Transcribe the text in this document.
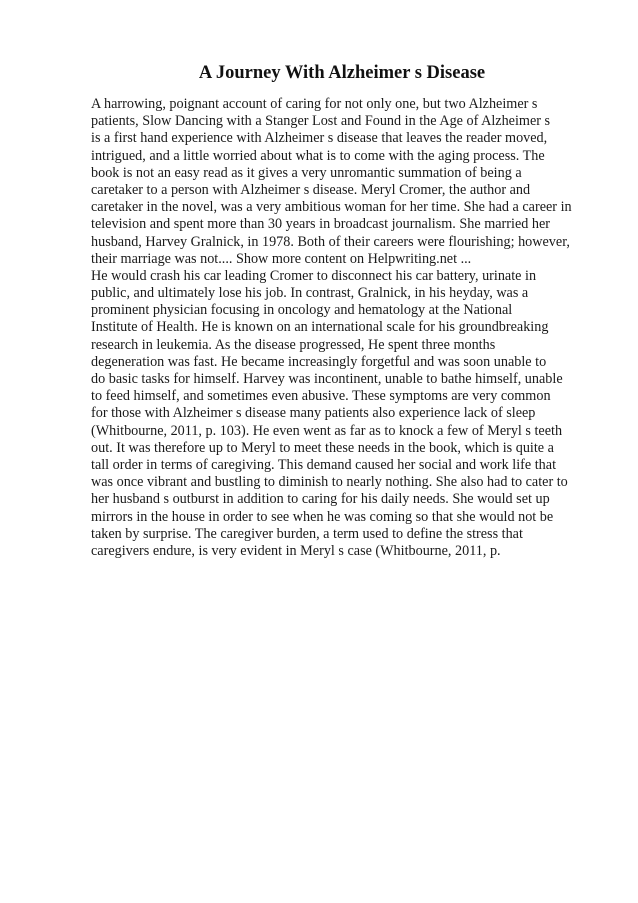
A Journey With Alzheimer s Disease
A harrowing, poignant account of caring for not only one, but two Alzheimer s
patients, Slow Dancing with a Stanger Lost and Found in the Age of Alzheimer s
is a first hand experience with Alzheimer s disease that leaves the reader moved,
intrigued, and a little worried about what is to come with the aging process. The
book is not an easy read as it gives a very unromantic summation of being a
caretaker to a person with Alzheimer s disease. Meryl Cromer, the author and
caretaker in the novel, was a very ambitious woman for her time. She had a career in
television and spent more than 30 years in broadcast journalism. She married her
husband, Harvey Gralnick, in 1978. Both of their careers were flourishing; however,
their marriage was not.... Show more content on Helpwriting.net ...
He would crash his car leading Cromer to disconnect his car battery, urinate in
public, and ultimately lose his job. In contrast, Gralnick, in his heyday, was a
prominent physician focusing in oncology and hematology at the National
Institute of Health. He is known on an international scale for his groundbreaking
research in leukemia. As the disease progressed, He spent three months
degeneration was fast. He became increasingly forgetful and was soon unable to
do basic tasks for himself. Harvey was incontinent, unable to bathe himself, unable
to feed himself, and sometimes even abusive. These symptoms are very common
for those with Alzheimer s disease many patients also experience lack of sleep
(Whitbourne, 2011, p. 103). He even went as far as to knock a few of Meryl s teeth
out. It was therefore up to Meryl to meet these needs in the book, which is quite a
tall order in terms of caregiving. This demand caused her social and work life that
was once vibrant and bustling to diminish to nearly nothing. She also had to cater to
her husband s outburst in addition to caring for his daily needs. She would set up
mirrors in the house in order to see when he was coming so that she would not be
taken by surprise. The caregiver burden, a term used to define the stress that
caregivers endure, is very evident in Meryl s case (Whitbourne, 2011, p.
